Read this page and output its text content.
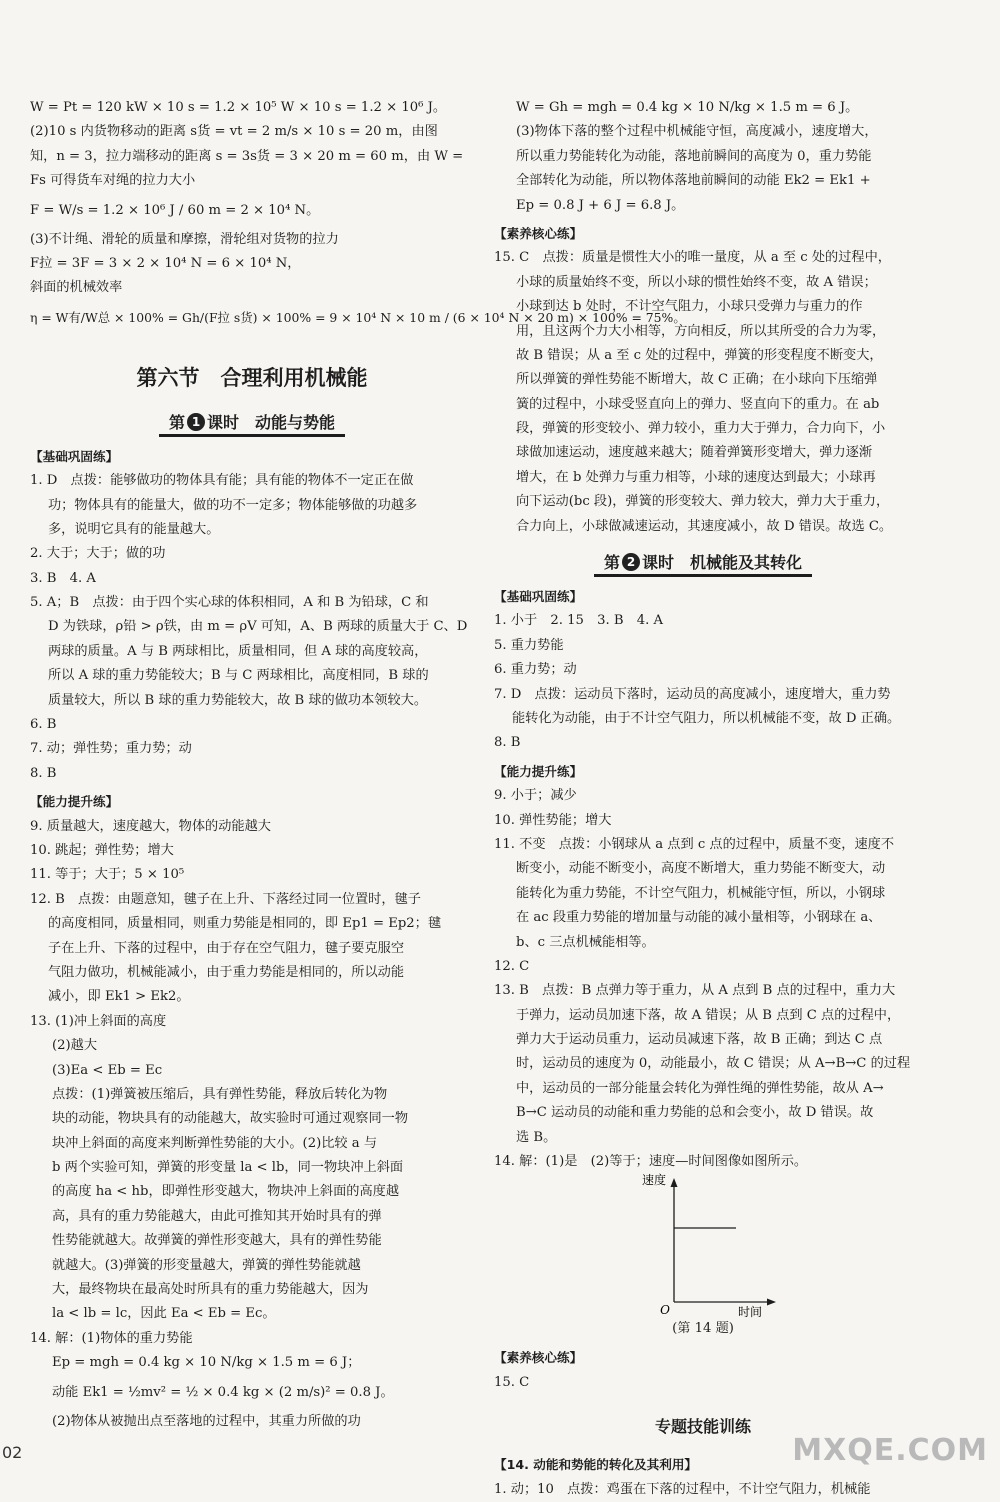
W = Pt = 120 kW × 10 s = 1.2 × 10⁵ W × 10 s = 1.2 × 10⁶ J。
(2)10 s 内货物移动的距离 s货 = vt = 2 m/s × 10 s = 20 m，由图
知，n = 3，拉力端移动的距离 s = 3s货 = 3 × 20 m = 60 m，由 W =
Fs 可得货车对绳的拉力大小
F = W/s = 1.2 × 10⁶ J / 60 m = 2 × 10⁴ N。
(3)不计绳、滑轮的质量和摩擦，滑轮组对货物的拉力
F拉 = 3F = 3 × 2 × 10⁴ N = 6 × 10⁴ N，
斜面的机械效率
η = W有/W总 × 100% = Gh/(F拉 s货) × 100% = 9 × 10⁴ N × 10 m / (6 × 10⁴ N × 20 m) × 100% = 75%。
第六节　合理利用机械能
第 1 课时　动能与势能
【基础巩固练】
1. D　点拨：能够做功的物体具有能；具有能的物体不一定正在做
功；物体具有的能量大，做的功不一定多；物体能够做的功越多
多，说明它具有的能量越大。
2. 大于；大于；做的功
3. B　4. A
5. A；B　点拨：由于四个实心球的体积相同，A 和 B 为铅球，C 和
D 为铁球，ρ铅 > ρ铁，由 m = ρV 可知，A、B 两球的质量大于 C、D
两球的质量。A 与 B 两球相比，质量相同，但 A 球的高度较高，
所以 A 球的重力势能较大；B 与 C 两球相比，高度相同，B 球的
质量较大，所以 B 球的重力势能较大，故 B 球的做功本领较大。
6. B
7. 动；弹性势；重力势；动
8. B
【能力提升练】
9. 质量越大，速度越大，物体的动能越大
10. 跳起；弹性势；增大
11. 等于；大于；5 × 10⁵
12. B　点拨：由题意知，毽子在上升、下落经过同一位置时，毽子
的高度相同，质量相同，则重力势能是相同的，即 Ep1 = Ep2；毽
子在上升、下落的过程中，由于存在空气阻力，毽子要克服空
气阻力做功，机械能减小，由于重力势能是相同的，所以动能
减小，即 Ek1 > Ek2。
13. (1)冲上斜面的高度
(2)越大
(3)Ea < Eb = Ec
点拨：(1)弹簧被压缩后，具有弹性势能，释放后转化为物
块的动能，物块具有的动能越大，故实验时可通过观察同一物
块冲上斜面的高度来判断弹性势能的大小。(2)比较 a 与
b 两个实验可知，弹簧的形变量 la < lb，同一物块冲上斜面
的高度 ha < hb，即弹性形变越大，物块冲上斜面的高度越
高，具有的重力势能越大，由此可推知其开始时具有的弹
性势能就越大。故弹簧的弹性形变越大，具有的弹性势能
就越大。(3)弹簧的形变量越大，弹簧的弹性势能就越
大，最终物块在最高处时所具有的重力势能越大，因为
la < lb = lc，因此 Ea < Eb = Ec。
14. 解：(1)物体的重力势能
Ep = mgh = 0.4 kg × 10 N/kg × 1.5 m = 6 J；
动能 Ek1 = ½mv² = ½ × 0.4 kg × (2 m/s)² = 0.8 J。
(2)物体从被抛出点至落地的过程中，其重力所做的功
W = Gh = mgh = 0.4 kg × 10 N/kg × 1.5 m = 6 J。
(3)物体下落的整个过程中机械能守恒，高度减小，速度增大，
所以重力势能转化为动能，落地前瞬间的高度为 0，重力势能
全部转化为动能，所以物体落地前瞬间的动能 Ek2 = Ek1 +
Ep = 0.8 J + 6 J = 6.8 J。
【素养核心练】
15. C　点拨：质量是惯性大小的唯一量度，从 a 至 c 处的过程中，
小球的质量始终不变，所以小球的惯性始终不变，故 A 错误；
小球到达 b 处时，不计空气阻力，小球只受弹力与重力的作
用，且这两个力大小相等，方向相反，所以其所受的合力为零，
故 B 错误；从 a 至 c 处的过程中，弹簧的形变程度不断变大，
所以弹簧的弹性势能不断增大，故 C 正确；在小球向下压缩弹
簧的过程中，小球受竖直向上的弹力、竖直向下的重力。在 ab
段，弹簧的形变较小、弹力较小，重力大于弹力，合力向下，小
球做加速运动，速度越来越大；随着弹簧形变增大，弹力逐渐
增大，在 b 处弹力与重力相等，小球的速度达到最大；小球再
向下运动(bc 段)，弹簧的形变较大、弹力较大，弹力大于重力，
合力向上，小球做减速运动，其速度减小，故 D 错误。故选 C。
第 2 课时　机械能及其转化
【基础巩固练】
1. 小于　2. 15　3. B　4. A
5. 重力势能
6. 重力势；动
7. D　点拨：运动员下落时，运动员的高度减小，速度增大，重力势
能转化为动能，由于不计空气阻力，所以机械能不变，故 D 正确。
8. B
【能力提升练】
9. 小于；减少
10. 弹性势能；增大
11. 不变　点拨：小钢球从 a 点到 c 点的过程中，质量不变，速度不
断变小，动能不断变小，高度不断增大，重力势能不断变大，动
能转化为重力势能，不计空气阻力，机械能守恒，所以，小钢球
在 ac 段重力势能的增加量与动能的减小量相等，小钢球在 a、
b、c 三点机械能相等。
12. C
13. B　点拨：B 点弹力等于重力，从 A 点到 B 点的过程中，重力大
于弹力，运动员加速下落，故 A 错误；从 B 点到 C 点的过程中，
弹力大于运动员重力，运动员减速下落，故 B 正确；到达 C 点
时，运动员的速度为 0，动能最小，故 C 错误；从 A→B→C 的过程
中，运动员的一部分能量会转化为弹性绳的弹性势能，故从 A→
B→C 运动员的动能和重力势能的总和会变小，故 D 错误。故
选 B。
14. 解：(1)是　(2)等于；速度—时间图像如图所示。
速度
O	时间
(第 14 题)
【素养核心练】
15. C
专题技能训练
【14. 动能和势能的转化及其利用】
1. 动；10　点拨：鸡蛋在下落的过程中，不计空气阻力，机械能
02	MXQE.COM
